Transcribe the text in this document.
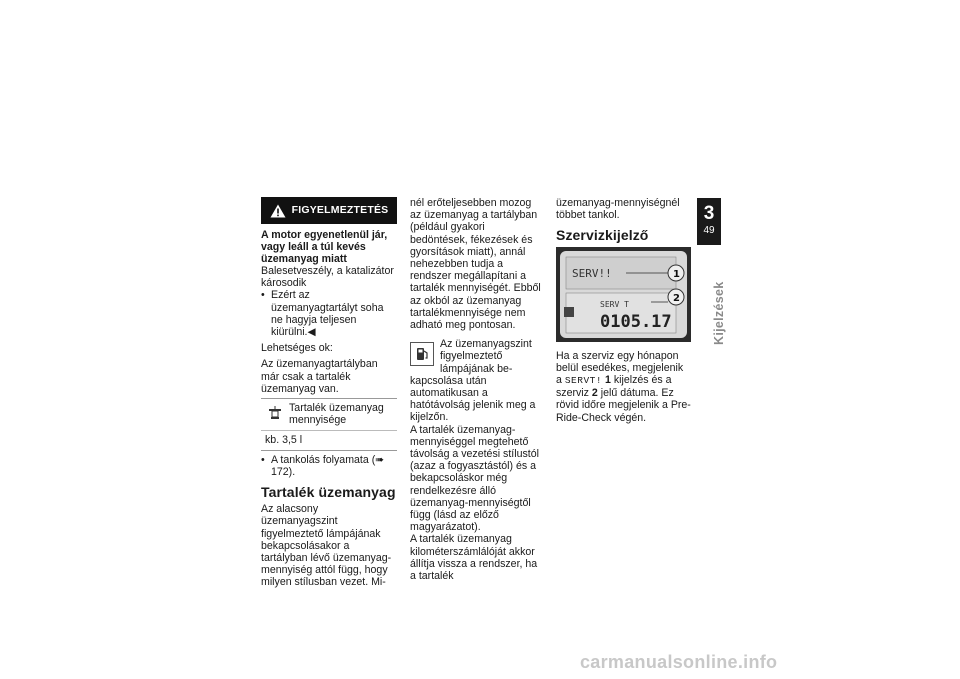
FIGYELMEZTETÉS

A motor egyenetlenül jár, vagy leáll a túl kevés üzemanyag miatt

Balesetveszély, a katalizátor károsodik

• Ezért az üzemanyagtartályt soha ne hagyja teljesen kiürülni.◀

Lehetséges ok:

Az üzemanyagtartályban már csak a tartalék üzemanyag van.

Tartalék üzemanyag mennyisége
kb. 3,5 l
• A tankolás folyamata (➠ 172).
Tartalék üzemanyag

Az alacsony üzemanyagszint figyelmeztető lámpájának bekapcsolásakor a tartályban lévő üzemanyag-mennyiség attól függ, hogy milyen stílusban vezet. Mi-

nél erőteljesebben mozog az üzemanyag a tartályban (például gyakori bedöntések, fékezések és gyorsítások miatt), annál nehezebben tudja a rendszer megállapítani a tartalék mennyiségét. Ebből az okból az üzemanyag tartalékmennyisége nem adható meg pontosan.

Az üzemanyagszint figyelmeztető lámpájának be-

kapcsolása után automatikusan a hatótávolság jelenik meg a kijelzőn.

A tartalék üzemanyag-mennyiséggel megtehető távolság a vezetési stílustól (azaz a fogyasztástól) és a bekapcsoláskor még rendelkezésre álló üzemanyag-mennyiségtől függ (lásd az előző magyarázatot).

A tartalék üzemanyag kilométerszámlálóját akkor állítja vissza a rendszer, ha a tartalék

üzemanyag-mennyiségnél többet tankol.

Szervizkijelző
SERV!!
SERV T
0105.17
1
2

Ha a szerviz egy hónapon belül esedékes, megjelenik a SERVT! 1 kijelzés és a szerviz 2 jelű dátuma. Ez rövid időre megjelenik a Pre-Ride-Check végén.

3
49
Kijelzések
carmanualsonline.info
